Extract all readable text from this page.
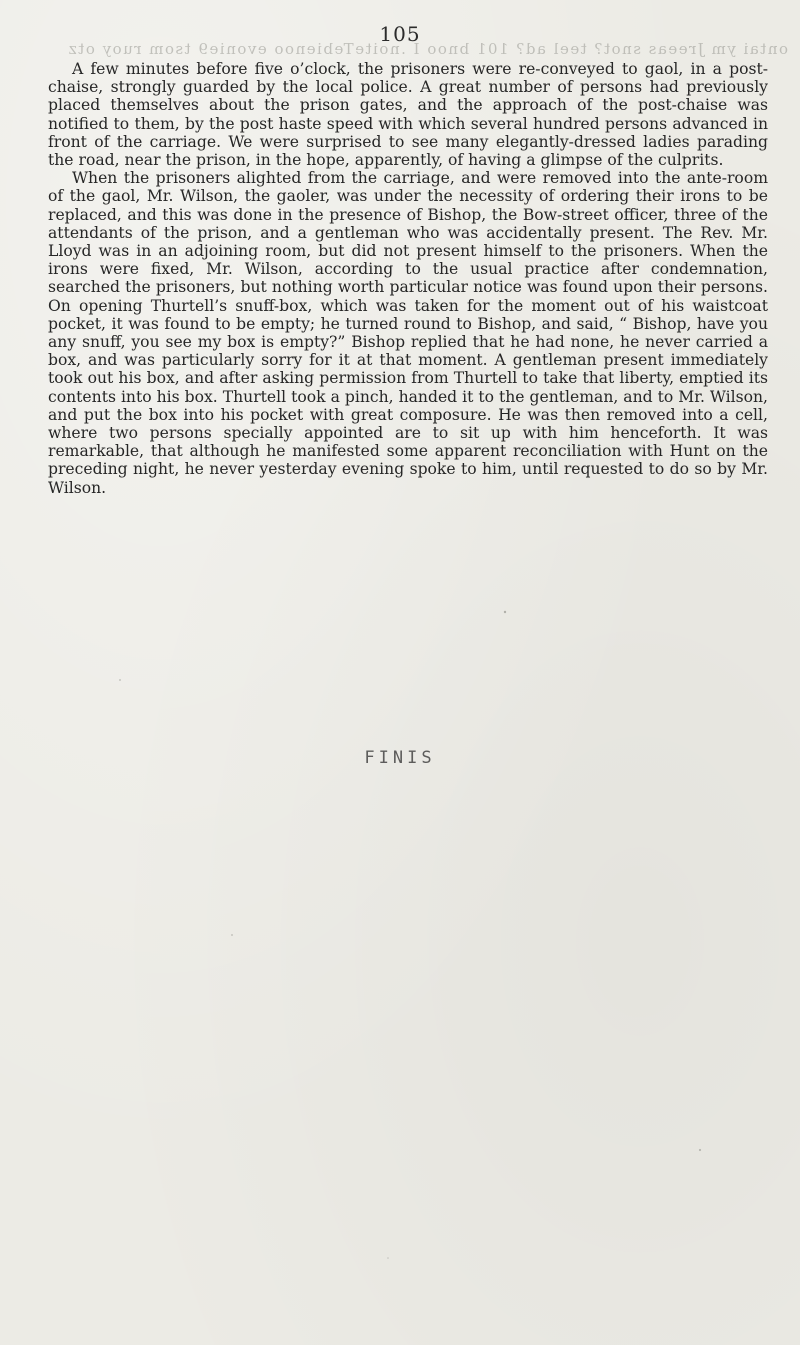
ontai ym Jreeas snot? teel ad? 101 bnoo I .noiteTebienoo evonie9 tsom ruoy otz
105

A few minutes before five o’clock, the prisoners were re-conveyed to gaol, in a post-chaise, strongly guarded by the local police. A great number of persons had previously placed themselves about the prison gates, and the approach of the post-chaise was notified to them, by the post haste speed with which several hundred persons advanced in front of the carriage. We were surprised to see many elegantly-dressed ladies parading the road, near the prison, in the hope, apparently, of having a glimpse of the culprits.

When the prisoners alighted from the carriage, and were removed into the ante-room of the gaol, Mr. Wilson, the gaoler, was under the necessity of ordering their irons to be replaced, and this was done in the presence of Bishop, the Bow-street officer, three of the attendants of the prison, and a gentleman who was accidentally present. The Rev. Mr. Lloyd was in an adjoining room, but did not present himself to the prisoners. When the irons were fixed, Mr. Wilson, according to the usual practice after condemnation, searched the prisoners, but nothing worth particular notice was found upon their persons. On opening Thurtell’s snuff-box, which was taken for the moment out of his waistcoat pocket, it was found to be empty; he turned round to Bishop, and said, “ Bishop, have you any snuff, you see my box is empty?” Bishop replied that he had none, he never carried a box, and was particularly sorry for it at that moment. A gentleman present immediately took out his box, and after asking permission from Thurtell to take that liberty, emptied its contents into his box. Thurtell took a pinch, handed it to the gentleman, and to Mr. Wilson, and put the box into his pocket with great composure. He was then removed into a cell, where two persons specially appointed are to sit up with him henceforth. It was remarkable, that although he manifested some apparent reconciliation with Hunt on the preceding night, he never yesterday evening spoke to him, until requested to do so by Mr. Wilson.

FINIS
